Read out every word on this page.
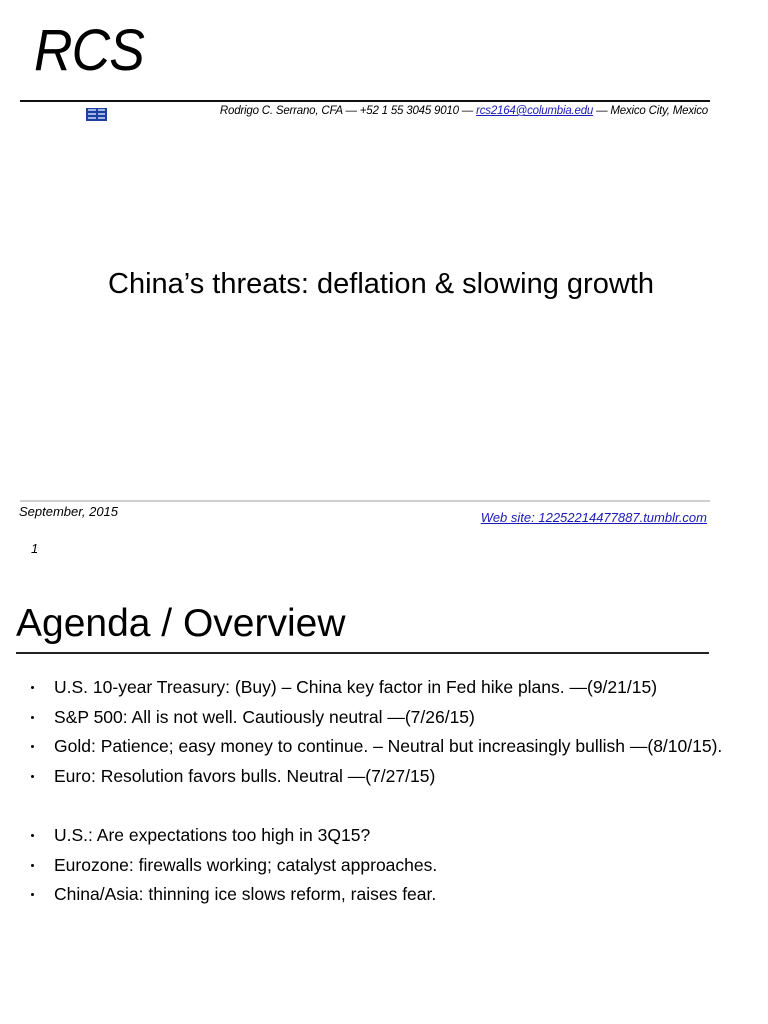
RCS
Rodrigo C. Serrano, CFA — +52 1 55 3045 9010 — rcs2164@columbia.edu — Mexico City, Mexico
China’s threats: deflation & slowing growth
September, 2015	Web site: 12252214477887.tumblr.com
1
Agenda / Overview
U.S. 10-year Treasury: (Buy) – China key factor in Fed hike plans. —(9/21/15)
S&P 500: All is not well. Cautiously neutral —(7/26/15)
Gold: Patience; easy money to continue. – Neutral but increasingly bullish —(8/10/15).
Euro: Resolution favors bulls. Neutral —(7/27/15)
U.S.: Are expectations too high in 3Q15?
Eurozone: firewalls working; catalyst approaches.
China/Asia: thinning ice slows reform, raises fear.
